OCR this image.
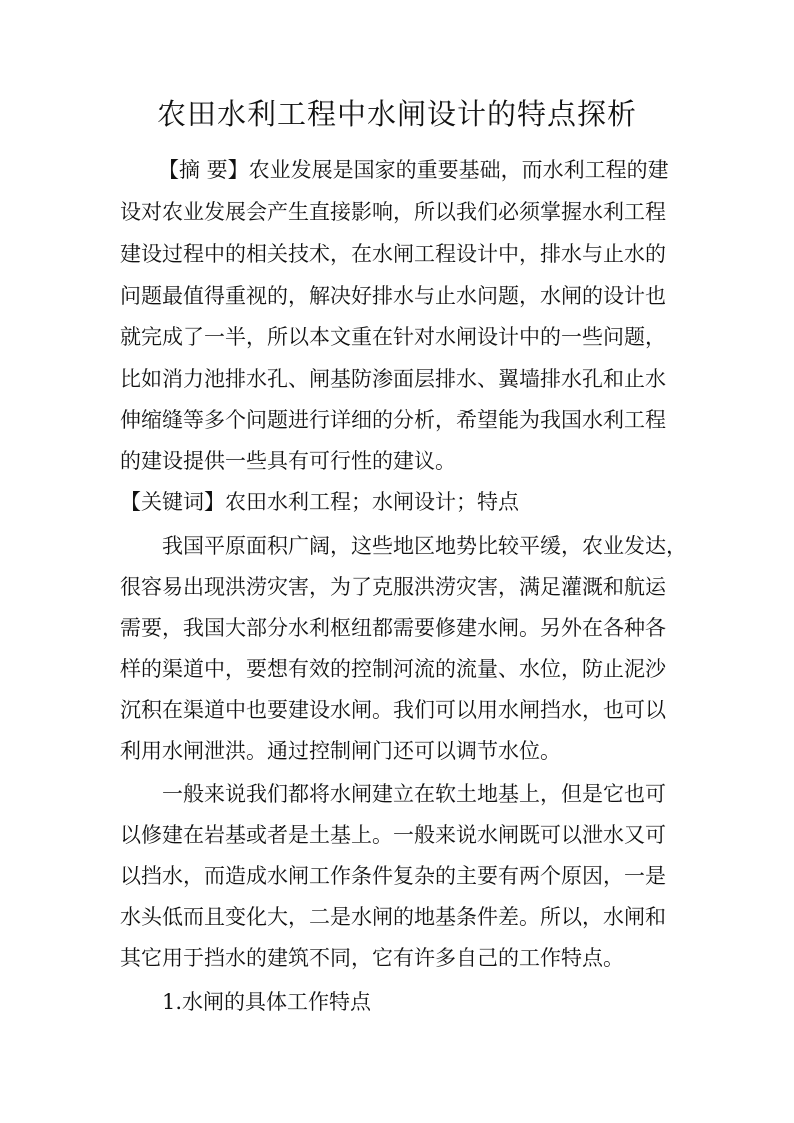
农田水利工程中水闸设计的特点探析

【摘 要】农业发展是国家的重要基础，而水利工程的建

设对农业发展会产生直接影响，所以我们必须掌握水利工程

建设过程中的相关技术，在水闸工程设计中，排水与止水的

问题最值得重视的，解决好排水与止水问题，水闸的设计也

就完成了一半，所以本文重在针对水闸设计中的一些问题，

比如消力池排水孔、闸基防渗面层排水、翼墙排水孔和止水

伸缩缝等多个问题进行详细的分析，希望能为我国水利工程

的建设提供一些具有可行性的建议。

【关键词】农田水利工程；水闸设计；特点

我国平原面积广阔，这些地区地势比较平缓，农业发达，

很容易出现洪涝灾害，为了克服洪涝灾害，满足灌溉和航运

需要，我国大部分水利枢纽都需要修建水闸。另外在各种各

样的渠道中，要想有效的控制河流的流量、水位，防止泥沙

沉积在渠道中也要建设水闸。我们可以用水闸挡水，也可以

利用水闸泄洪。通过控制闸门还可以调节水位。

一般来说我们都将水闸建立在软土地基上，但是它也可

以修建在岩基或者是土基上。一般来说水闸既可以泄水又可

以挡水，而造成水闸工作条件复杂的主要有两个原因，一是

水头低而且变化大，二是水闸的地基条件差。所以，水闸和

其它用于挡水的建筑不同，它有许多自己的工作特点。

1.水闸的具体工作特点
